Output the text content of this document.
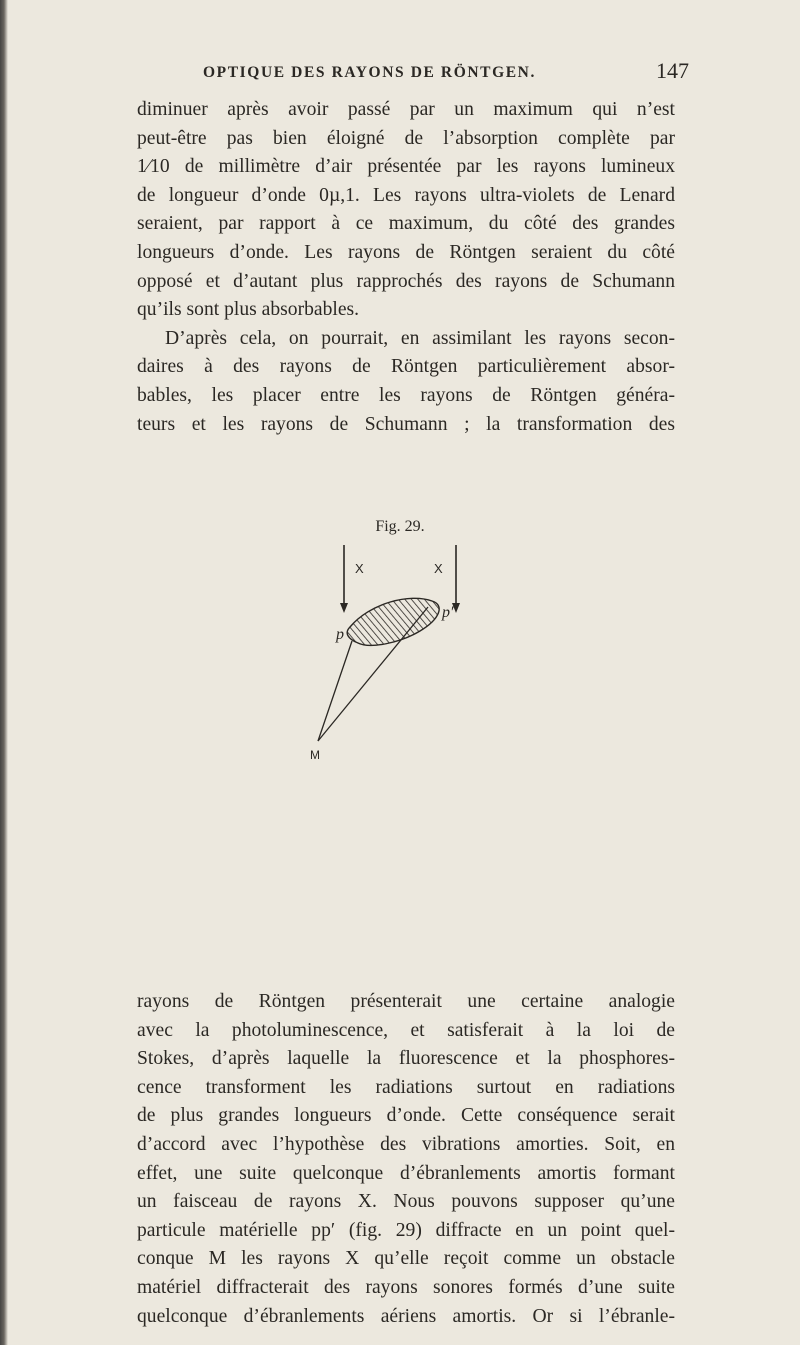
OPTIQUE DES RAYONS DE RÖNTGEN.	147
diminuer après avoir passé par un maximum qui n’est
peut-être pas bien éloigné de l’absorption complète par
1⁄10 de millimètre d’air présentée par les rayons lumineux
de longueur d’onde 0µ,1. Les rayons ultra-violets de Lenard
seraient, par rapport à ce maximum, du côté des grandes
longueurs d’onde. Les rayons de Röntgen seraient du côté
opposé et d’autant plus rapprochés des rayons de Schumann
qu’ils sont plus absorbables.
D’après cela, on pourrait, en assimilant les rayons secon-
daires à des rayons de Röntgen particulièrement absor-
bables, les placer entre les rayons de Röntgen généra-
teurs et les rayons de Schumann ; la transformation des
Fig. 29.
X	X
p
p′
M
rayons de Röntgen présenterait une certaine analogie
avec la photoluminescence, et satisferait à la loi de
Stokes, d’après laquelle la fluorescence et la phosphores-
cence transforment les radiations surtout en radiations
de plus grandes longueurs d’onde. Cette conséquence serait
d’accord avec l’hypothèse des vibrations amorties. Soit, en
effet, une suite quelconque d’ébranlements amortis formant
un faisceau de rayons X. Nous pouvons supposer qu’une
particule matérielle pp′ (fig. 29) diffracte en un point quel-
conque M les rayons X qu’elle reçoit comme un obstacle
matériel diffracterait des rayons sonores formés d’une suite
quelconque d’ébranlements aériens amortis. Or si l’ébranle-
